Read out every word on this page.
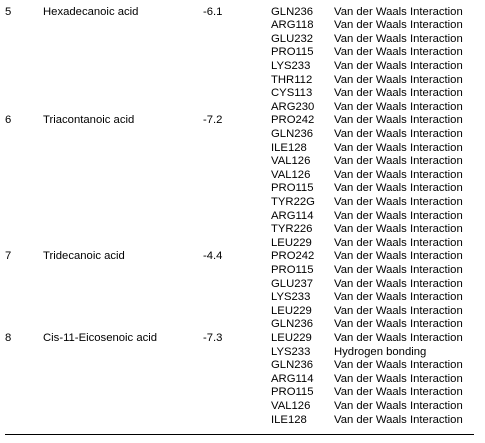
5	Hexadecanoic acid	-6.1	GLN236 Van der Waals Interaction
ARG118 Van der Waals Interaction
GLU232 Van der Waals Interaction
PRO115 Van der Waals Interaction
LYS233 Van der Waals Interaction
THR112 Van der Waals Interaction
CYS113 Van der Waals Interaction
ARG230 Van der Waals Interaction
6	Triacontanoic acid	-7.2	PRO242 Van der Waals Interaction
GLN236 Van der Waals Interaction
ILE128 Van der Waals Interaction
VAL126 Van der Waals Interaction
VAL126 Van der Waals Interaction
PRO115 Van der Waals Interaction
TYR22G Van der Waals Interaction
ARG114 Van der Waals Interaction
TYR226 Van der Waals Interaction
LEU229 Van der Waals Interaction
7	Tridecanoic acid	-4.4	PRO242 Van der Waals Interaction
PRO115 Van der Waals Interaction
GLU237 Van der Waals Interaction
LYS233 Van der Waals Interaction
LEU229 Van der Waals Interaction
GLN236 Van der Waals Interaction
8	Cis-11-Eicosenoic acid	-7.3	LEU229 Van der Waals Interaction
LYS233 Hydrogen bonding
GLN236 Van der Waals Interaction
ARG114 Van der Waals Interaction
PRO115 Van der Waals Interaction
VAL126 Van der Waals Interaction
ILE128 Van der Waals Interaction
